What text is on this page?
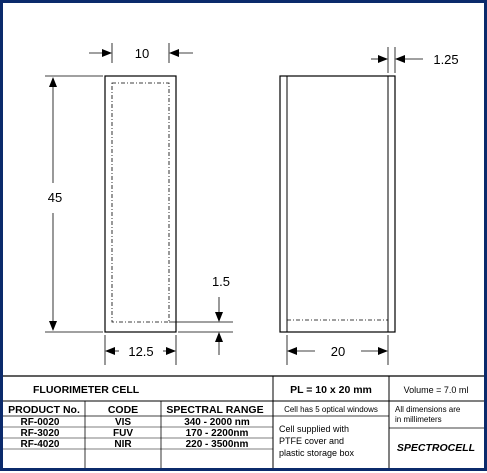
10
45
1.5
12.5
1.25
20
FLUORIMETER CELL	PL = 10 x 20 mm	Volume = 7.0 ml
PRODUCT No.	CODE	SPECTRAL RANGE
RF-0020	VIS	340 - 2000 nm
RF-3020	FUV	170 - 2200nm
RF-4020	NIR	220 - 3500nm
Cell has 5 optical windows
Cell supplied with
PTFE cover and
plastic storage box
All dimensions are
in millimeters
SPECTROCELL
